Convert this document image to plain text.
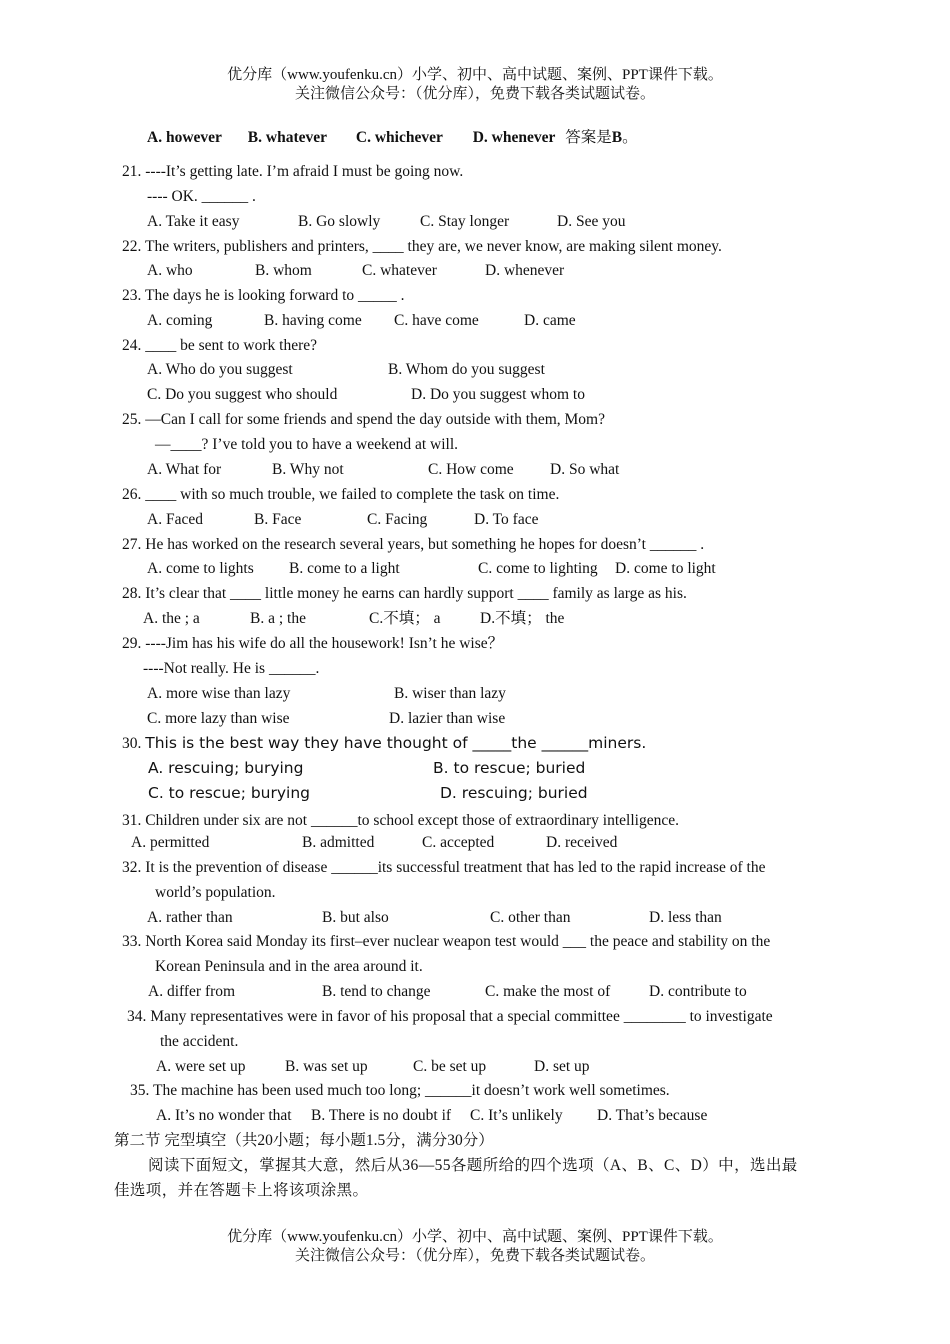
优分库（www.youfenku.cn）小学、初中、高中试题、案例、PPT课件下载。
关注微信公众号：（优分库），免费下载各类试题试卷。
A. however B. whatever C. whichever D. whenever 答案是B。
21. ----It’s getting late. I’m afraid I must be going now.
---- OK. ______ .
A. Take it easy	B. Go slowly	C. Stay longer	D. See you
22. The writers, publishers and printers, ____ they are, we never know, are making silent money.
A. who	B. whom	C. whatever	D. whenever
23. The days he is looking forward to _____ .
A. coming	B. having come C. have come	D. came
24. ____ be sent to work there?
A. Who do you suggest	B. Whom do you suggest
C. Do you suggest who should	D. Do you suggest whom to
25. —Can I call for some friends and spend the day outside with them, Mom?
—____? I’ve told you to have a weekend at will.
A. What for	B. Why not	C. How come D. So what
26. ____ with so much trouble, we failed to complete the task on time.
A. Faced	B. Face	C. Facing	D. To face
27. He has worked on the research several years, but something he hopes for doesn’t ______ .
A. come to lights B. come to a light	C. come to lighting D. come to light
28. It’s clear that ____ little money he earns can hardly support ____ family as large as his.
A. the ; a	B. a ; the	C.不填； a	D.不填； the
29. ----Jim has his wife do all the housework! Isn’t he wise？
----Not really. He is ______.
A. more wise than lazy	B. wiser than lazy
C. more lazy than wise	D. lazier than wise
30. This is the best way they have thought of _____the ______miners.
A. rescuing; burying	B. to rescue; buried
C. to rescue; burying	D. rescuing; buried
31. Children under six are not ______to school except those of extraordinary intelligence.
A. permitted	B. admitted	C. accepted	D. received
32. It is the prevention of disease ______its successful treatment that has led to the rapid increase of the
world’s population.
A. rather than	B. but also	C. other than	D. less than
33. North Korea said Monday its first–ever nuclear weapon test would ___ the peace and stability on the
Korean Peninsula and in the area around it.
A. differ from	B. tend to change	C. make the most of D. contribute to
34. Many representatives were in favor of his proposal that a special committee ________ to investigate
the accident.
A. were set up	B. was set up	C. be set up	D. set up
35. The machine has been used much too long; ______it doesn’t work well sometimes.
A. It’s no wonder that B. There is no doubt if C. It’s unlikely D. That’s because
第二节 完型填空（共20小题；每小题1.5分，满分30分）
阅读下面短文，掌握其大意，然后从36—55各题所给的四个选项（A、B、C、D）中，选出最
佳选项，并在答题卡上将该项涂黑。
优分库（www.youfenku.cn）小学、初中、高中试题、案例、PPT课件下载。
关注微信公众号：（优分库），免费下载各类试题试卷。
